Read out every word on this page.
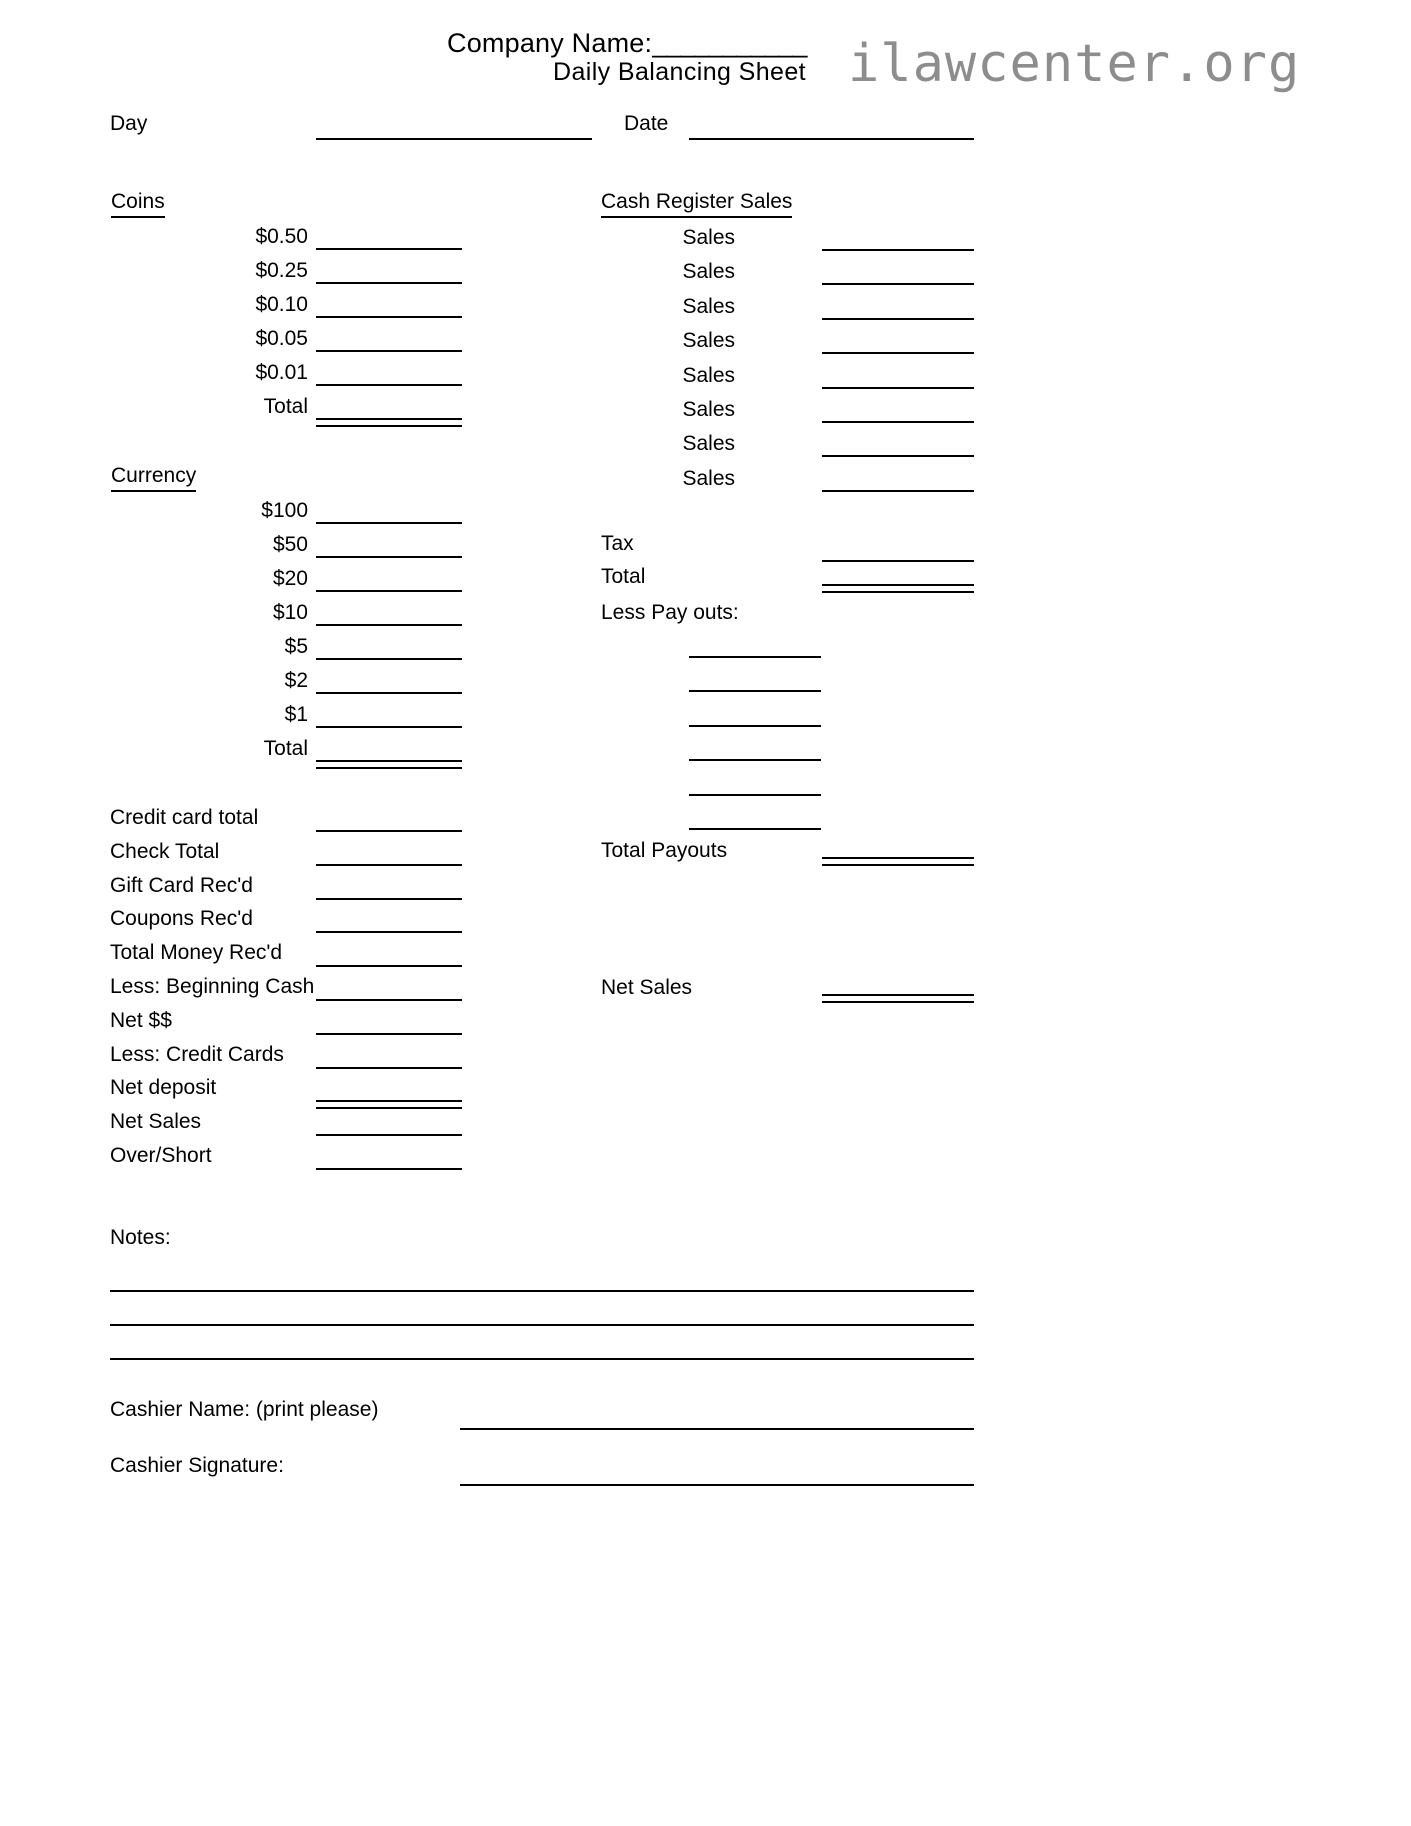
Company Name:___________
Daily Balancing Sheet ilawcenter.org
Day	Date
Coins
$0.50
$0.25
$0.10
$0.05
$0.01
Total
Currency
$100
$50
$20
$10
$5
$2
$1
Total
Credit card total
Check Total
Gift Card Rec'd
Coupons Rec'd
Total Money Rec'd
Less: Beginning Cash
Net $$
Less: Credit Cards
Net deposit
Net Sales
Over/Short
Cash Register Sales
Sales
Sales
Sales
Sales
Sales
Sales
Sales
Sales
Tax
Total
Less Pay outs:
Total Payouts
Net Sales
Notes:
Cashier Name: (print please)
Cashier Signature:
